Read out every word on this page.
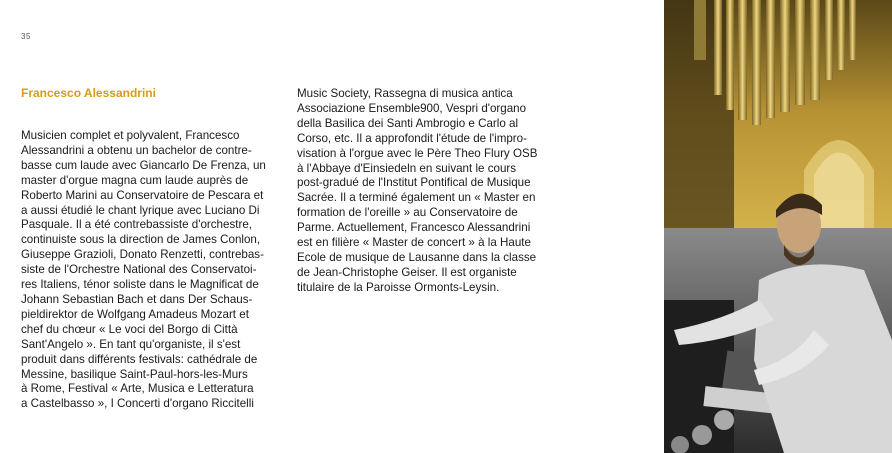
35
Francesco Alessandrini
Musicien complet et polyvalent, Francesco
Alessandrini a obtenu un bachelor de contre-
basse cum laude avec Giancarlo De Frenza, un
master d'orgue magna cum laude auprès de
Roberto Marini au Conservatoire de Pescara et
a aussi étudié le chant lyrique avec Luciano Di
Pasquale. Il a été contrebassiste d'orchestre,
continuiste sous la direction de James Conlon,
Giuseppe Grazioli, Donato Renzetti, contrebas-
siste de l'Orchestre National des Conservatoi-
res Italiens, ténor soliste dans le Magnificat de
Johann Sebastian Bach et dans Der Schaus-
pieldirektor de Wolfgang Amadeus Mozart et
chef du chœur « Le voci del Borgo di Città
Sant'Angelo ». En tant qu'organiste, il s'est
produit dans différents festivals: cathédrale de
Messine, basilique Saint-Paul-hors-les-Murs
à Rome, Festival « Arte, Musica e Letteratura
a Castelbasso », I Concerti d'organo Riccitelli
Music Society, Rassegna di musica antica
Associazione Ensemble900, Vespri d'organo
della Basilica dei Santi Ambrogio e Carlo al
Corso, etc. Il a approfondit l'étude de l'impro-
visation à l'orgue avec le Père Theo Flury OSB
à l'Abbaye d'Einsiedeln en suivant le cours
post-gradué de l'Institut Pontifical de Musique
Sacrée. Il a terminé également un « Master en
formation de l'oreille » au Conservatoire de
Parme. Actuellement, Francesco Alessandrini
est en filière « Master de concert » à la Haute
Ecole de musique de Lausanne dans la classe
de Jean-Christophe Geiser. Il est organiste
titulaire de la Paroisse Ormonts-Leysin.
